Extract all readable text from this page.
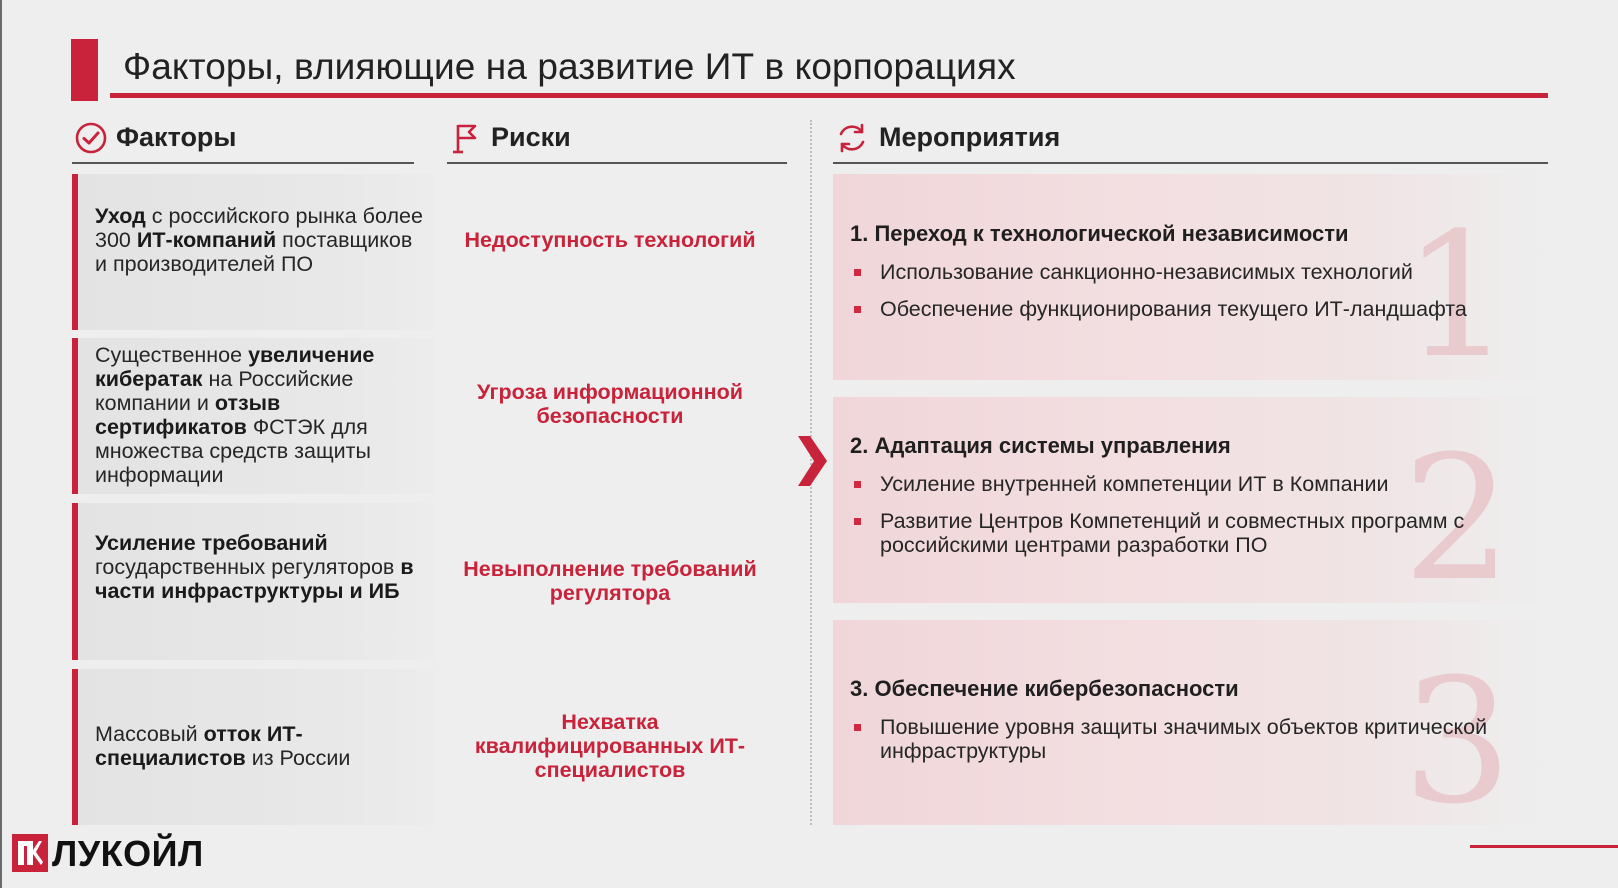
Факторы, влияющие на развитие ИТ в корпорациях
Факторы	Риски	Мероприятия

Уход с российского рынка более 300 ИТ-компаний поставщиков и производителей ПО

Существенное увеличение кибератак на Российские компании и отзыв сертификатов ФСТЭК для множества средств защиты информации

Усиление требований государственных регуляторов в части инфраструктуры и ИБ

Массовый отток ИТ-специалистов из России

Недоступность технологий

Угроза информационной безопасности

Невыполнение требований регулятора

Нехватка квалифицированных ИТ-специалистов

1

1. Переход к технологической независимости

Использование санкционно-независимых технологий
Обеспечение функционирования текущего ИТ-ландшафта
2

2. Адаптация системы управления

Усиление внутренней компетенции ИТ в Компании
Развитие Центров Компетенций и совместных программ с российскими центрами разработки ПО
3

3. Обеспечение кибербезопасности

Повышение уровня защиты значимых объектов критической инфраструктуры
ЛУКОЙЛ
